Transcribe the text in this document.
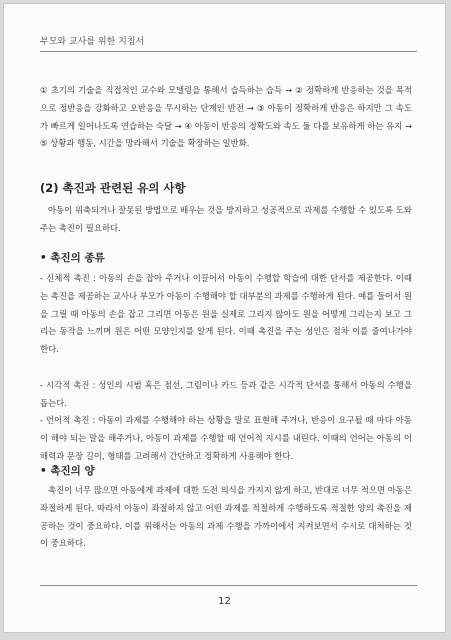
부모와 교사를 위한 지침서

① 초기의 기술을 직접적인 교수와 모델링을 통해서 습득하는 습득 → ② 정확하게 반응하는 것을 목적으로 정반응을 강화하고 오반응을 무시하는 단계인 반전 → ③ 아동이 정확하게 반응은 하지만 그 속도가 빠르게 일어나도록 연습하는 숙달 → ④ 아동이 반응의 정확도와 속도 둘 다를 보유하게 하는 유지 → ⑤ 상황과 행동, 시간을 망라해서 기술을 확장하는 일반화.

(2) 촉진과 관련된 유의 사항

아동이 위축되거나 잘못된 방법으로 배우는 것을 방지하고 성공적으로 과제를 수행할 수 있도록 도와주는 촉진이 필요하다.

• 촉진의 종류

- 신체적 촉진 : 아동의 손을 잡아 주거나 이끌어서 아동이 수행할 학습에 대한 단서를 제공한다. 이때는 촉진을 제공하는 교사나 부모가 아동이 수행해야 할 대부분의 과제를 수행하게 된다. 예를 들어서 원을 그릴 때 아동의 손을 잡고 그리면 아동은 원을 실제로 그리지 않아도 원을 어떻게 그리는지 보고 그리는 동작을 느끼며 원은 어떤 모양인지를 알게 된다. 이때 촉진을 주는 성인은 점차 이를 줄여나가야 한다.

- 시각적 촉진 : 성인의 시범 혹은 점선, 그림이나 카드 등과 같은 시각적 단서를 통해서 아동의 수행을 돕는다.

- 언어적 촉진 : 아동이 과제를 수행해야 하는 상황을 말로 표현해 주거나, 반응이 요구될 때 마다 아동이 해야 되는 말을 해주거나, 아동이 과제를 수행할 때 언어적 지시를 내린다. 이때의 언어는 아동의 이해력과 문장 길이, 형태를 고려해서 간단하고 정확하게 사용해야 한다.

• 촉진의 양

촉진이 너무 많으면 아동에게 과제에 대한 도전 의식을 가지지 않게 하고, 반대로 너무 적으면 아동은 좌절하게 된다. 따라서 아동이 좌절하지 않고 어떤 과제를 적절하게 수행하도록 적절한 양의 촉진을 제공하는 것이 중요하다. 이를 위해서는 아동의 과제 수행을 가까이에서 지켜보면서 수시로 대처하는 것이 중요하다.

12
